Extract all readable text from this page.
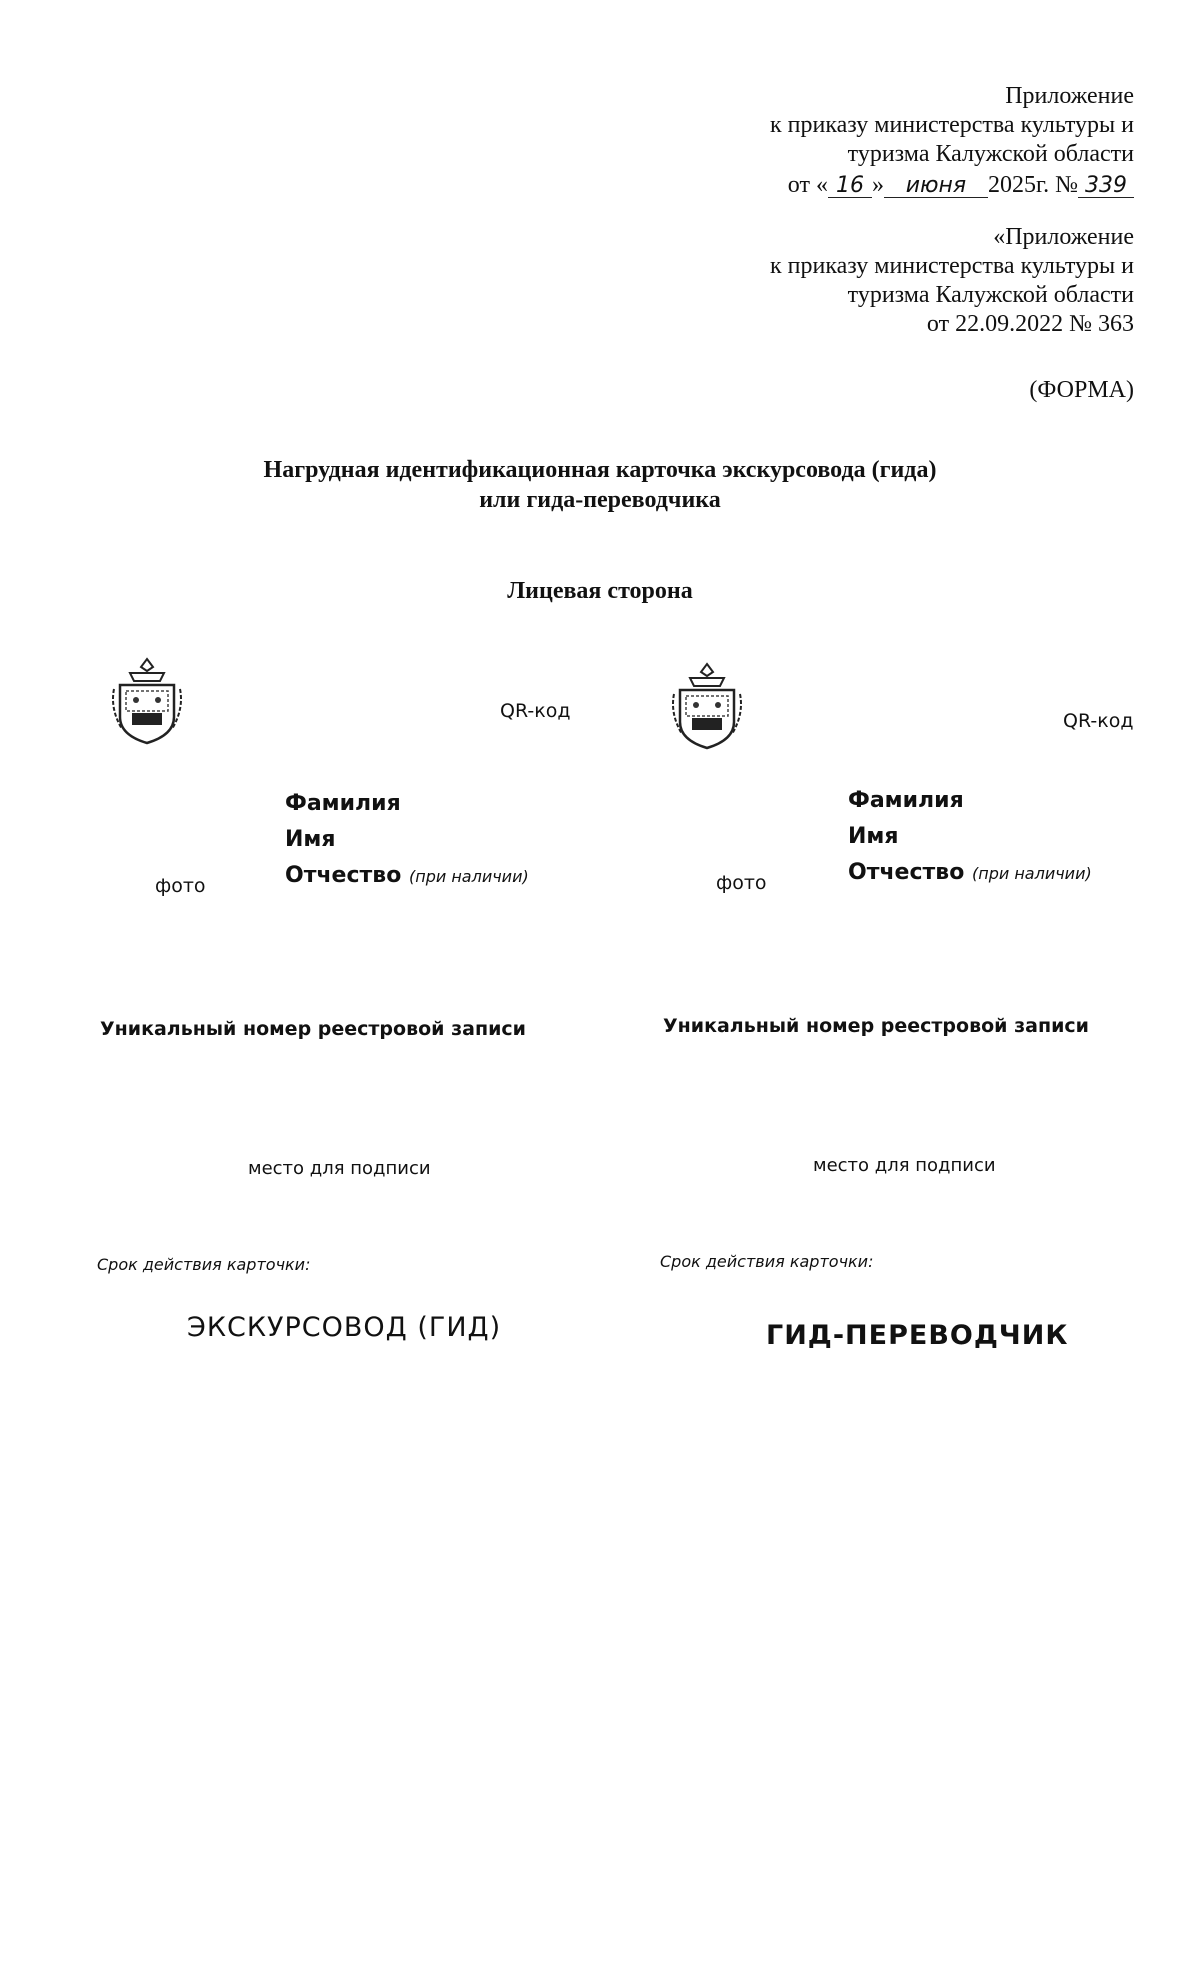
Приложение
к приказу министерства культуры и
туризма Калужской области
от « 16 » июня 2025г. № 339
«Приложение
к приказу министерства культуры и
туризма Калужской области
от 22.09.2022 № 363
(ФОРМА)
Нагрудная идентификационная карточка экскурсовода (гида)
или гида-переводчика
Лицевая сторона
QR-код
фото
Фамилия
Имя
Отчество (при наличии)
Уникальный номер реестровой записи
место для подписи
Срок действия карточки:
ЭКСКУРСОВОД (ГИД)
QR-код
фото
Фамилия
Имя
Отчество (при наличии)
Уникальный номер реестровой записи
место для подписи
Срок действия карточки:
ГИД-ПЕРЕВОДЧИК
